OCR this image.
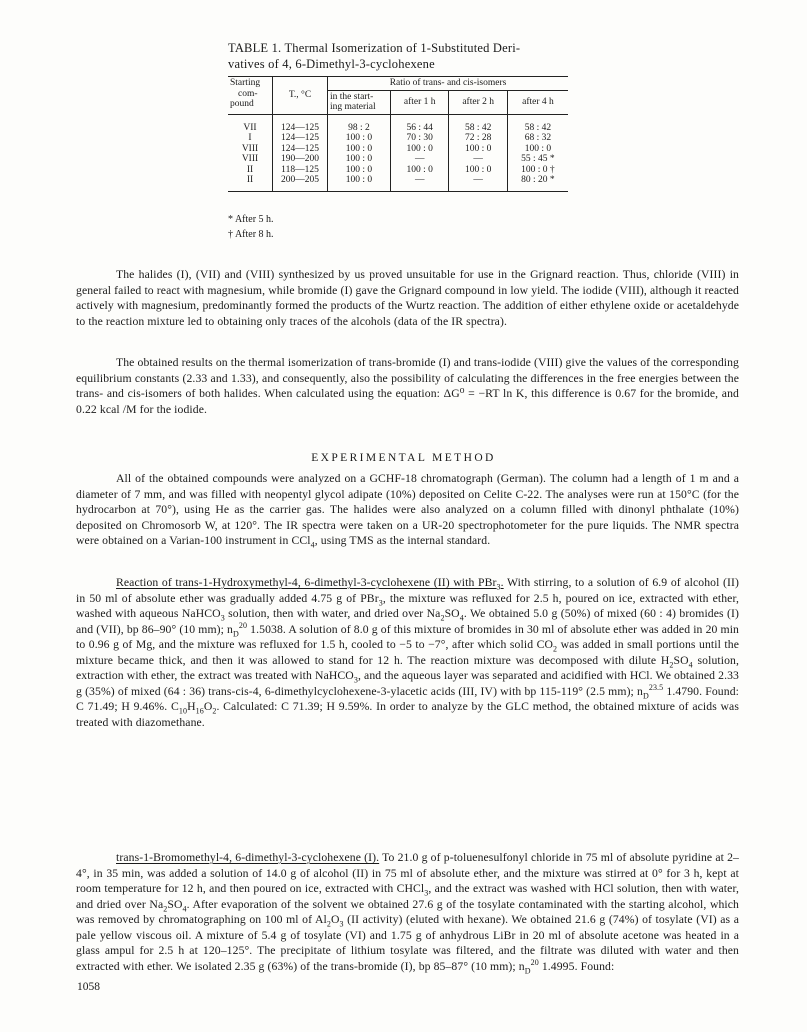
TABLE 1. Thermal Isomerization of 1-Substituted Deri-
vatives of 4, 6-Dimethyl-3-cyclohexene
Starting
com-
pound	T., °C	Ratio of trans- and cis-isomers			

		in the start-
ing material	after 1 h	after 2 h	after 4 h
VII	124—125	98 : 2	56 : 44	58 : 42	58 : 42
I	124—125	100 : 0	70 : 30	72 : 28	68 : 32
VIII	124—125	100 : 0	100 : 0	100 : 0	100 : 0
VIII	190—200	100 : 0	—	—	55 : 45 *
II	118—125	100 : 0	100 : 0	100 : 0	100 : 0 †
II	200—205	100 : 0	—	—	80 : 20 *
* After 5 h.
† After 8 h.

The halides (I), (VII) and (VIII) synthesized by us proved unsuitable for use in the Grignard reaction. Thus, chloride (VIII) in general failed to react with magnesium, while bromide (I) gave the Grignard compound in low yield. The iodide (VIII), although it reacted actively with magnesium, predominantly formed the products of the Wurtz reaction. The addition of either ethylene oxide or acetaldehyde to the reaction mixture led to obtaining only traces of the alcohols (data of the IR spectra).

The obtained results on the thermal isomerization of trans-bromide (I) and trans-iodide (VIII) give the values of the corresponding equilibrium constants (2.33 and 1.33), and consequently, also the possibility of calculating the differences in the free energies between the trans- and cis-isomers of both halides. When calculated using the equation: ΔG⁰ = −RT ln K, this difference is 0.67 for the bromide, and 0.22 kcal /M for the iodide.

EXPERIMENTAL METHOD

All of the obtained compounds were analyzed on a GCHF-18 chromatograph (German). The column had a length of 1 m and a diameter of 7 mm, and was filled with neopentyl glycol adipate (10%) deposited on Celite C-22. The analyses were run at 150°C (for the hydrocarbon at 70°), using He as the carrier gas. The halides were also analyzed on a column filled with dinonyl phthalate (10%) deposited on Chromosorb W, at 120°. The IR spectra were taken on a UR-20 spectrophotometer for the pure liquids. The NMR spectra were obtained on a Varian-100 instrument in CCl$_4$, using TMS as the internal standard.

Reaction of trans-1-Hydroxymethyl-4, 6-dimethyl-3-cyclohexene (II) with PBr$_3$. With stirring, to a solution of 6.9 of alcohol (II) in 50 ml of absolute ether was gradually added 4.75 g of PBr$_3$, the mixture was refluxed for 2.5 h, poured on ice, extracted with ether, washed with aqueous NaHCO$_3$ solution, then with water, and dried over $Na_2SO_4$. We obtained 5.0 g (50%) of mixed (60 : 4) bromides (I) and (VII), bp 86–90° (10 mm); $n_D^{20}$ 1.5038. A solution of 8.0 g of this mixture of bromides in 30 ml of absolute ether was added in 20 min to 0.96 g of Mg, and the mixture was refluxed for 1.5 h, cooled to −5 to −7°, after which solid $CO_2$ was added in small portions until the mixture became thick, and then it was allowed to stand for 12 h. The reaction mixture was decomposed with dilute $H_2SO_4$ solution, extraction with ether, the extract was treated with NaHCO$_3$, and the aqueous layer was separated and acidified with HCl. We obtained 2.33 g (35%) of mixed (64 : 36) trans-cis-4, 6-dimethylcyclohexene-3-ylacetic acids (III, IV) with bp 115-119° (2.5 mm); $n_D^{23.5}$ 1.4790. Found: C 71.49; H 9.46%. $C_{10}H_{16}O_2$. Calculated: C 71.39; H 9.59%. In order to analyze by the GLC method, the obtained mixture of acids was treated with diazomethane.

trans-1-Bromomethyl-4, 6-dimethyl-3-cyclohexene (I). To 21.0 g of p-toluenesulfonyl chloride in 75 ml of absolute pyridine at 2–4°, in 35 min, was added a solution of 14.0 g of alcohol (II) in 75 ml of absolute ether, and the mixture was stirred at 0° for 3 h, kept at room temperature for 12 h, and then poured on ice, extracted with CHCl$_3$, and the extract was washed with HCl solution, then with water, and dried over $Na_2SO_4$. After evaporation of the solvent we obtained 27.6 g of the tosylate contaminated with the starting alcohol, which was removed by chromatographing on 100 ml of $Al_2O_3$ (II activity) (eluted with hexane). We obtained 21.6 g (74%) of tosylate (VI) as a pale yellow viscous oil. A mixture of 5.4 g of tosylate (VI) and 1.75 g of anhydrous LiBr in 20 ml of absolute acetone was heated in a glass ampul for 2.5 h at 120–125°. The precipitate of lithium tosylate was filtered, and the filtrate was diluted with water and then extracted with ether. We isolated 2.35 g (63%) of the trans-bromide (I), bp 85–87° (10 mm); $n_D^{20}$ 1.4995. Found:

1058
